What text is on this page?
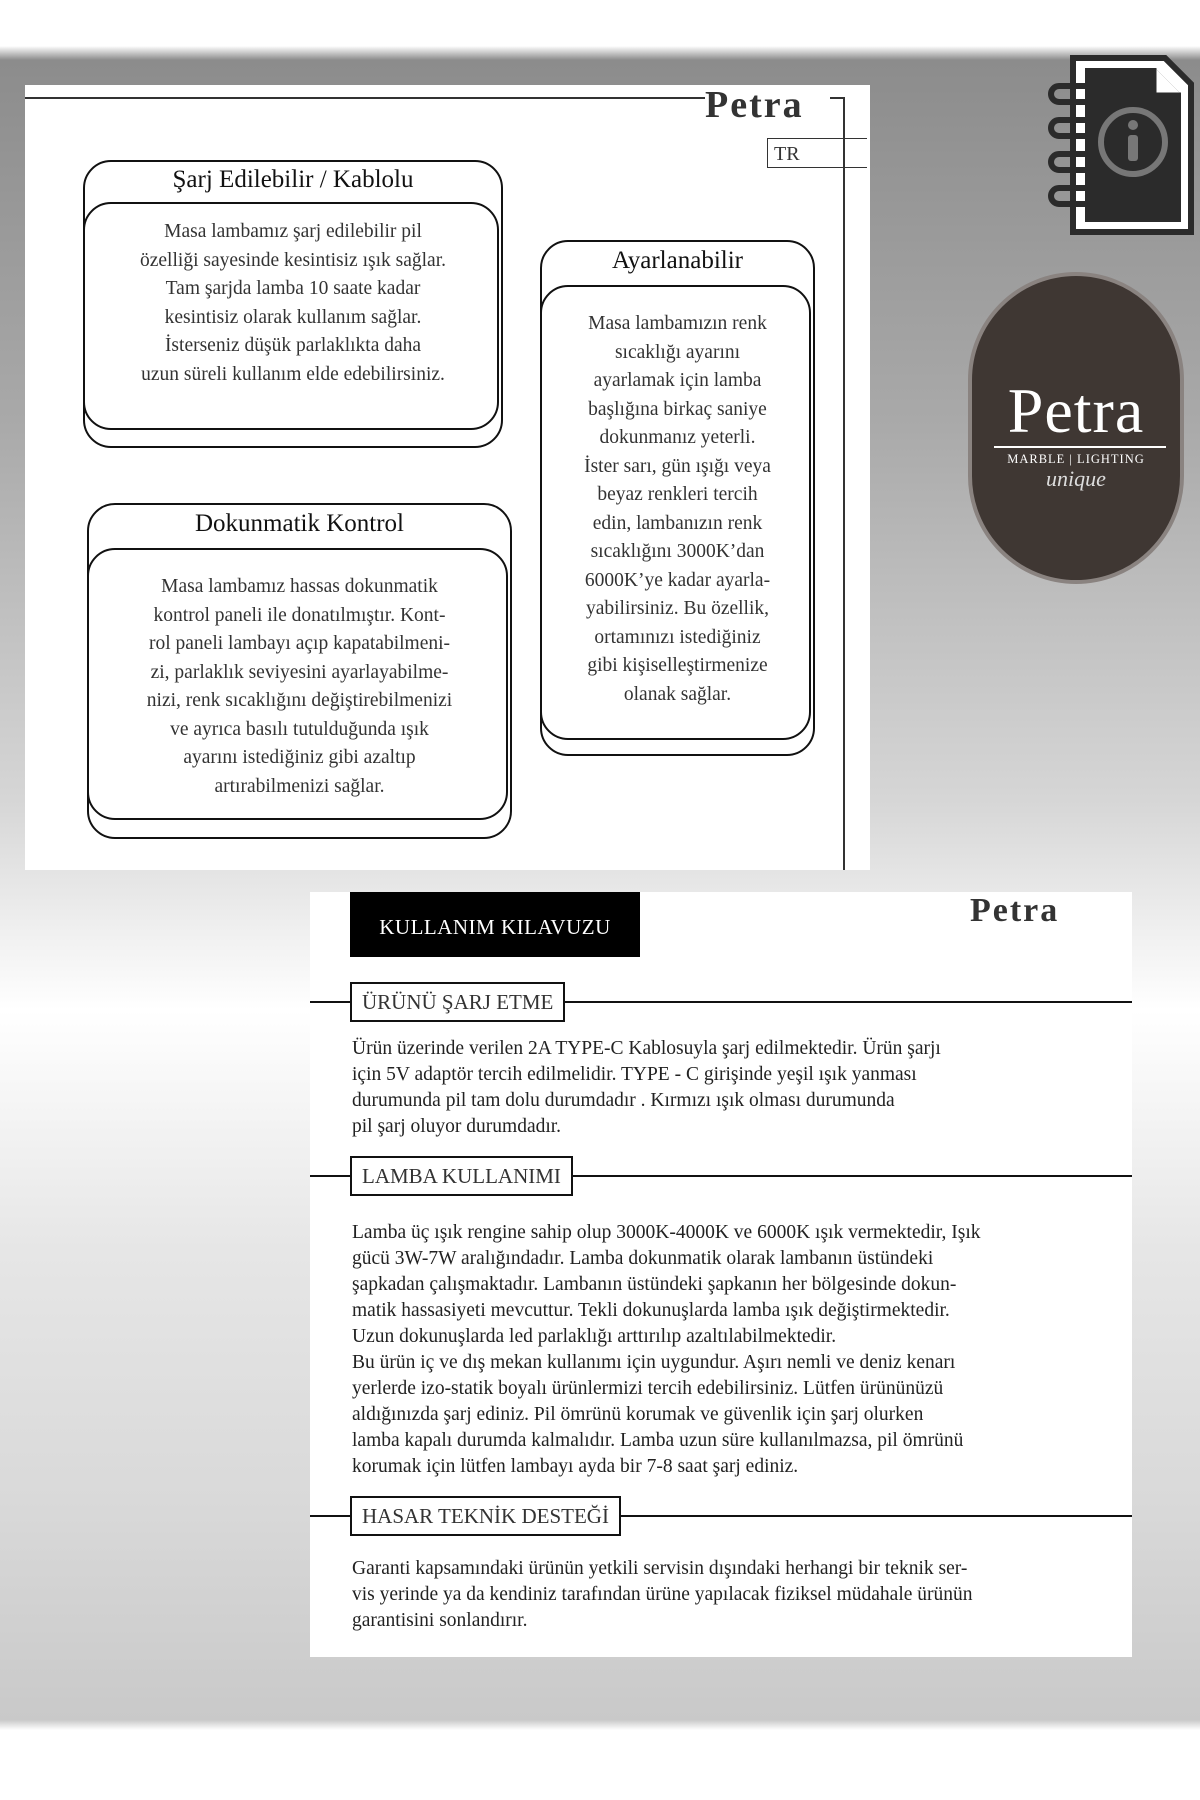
Petra
TR
Şarj Edilebilir / Kablolu
Masa lambamız şarj edilebilir pil
özelliği sayesinde kesintisiz ışık sağlar.
Tam şarjda lamba 10 saate kadar
kesintisiz olarak kullanım sağlar.
İsterseniz düşük parlaklıkta daha
uzun süreli kullanım elde edebilirsiniz.
Ayarlanabilir
Masa lambamızın renk
sıcaklığı ayarını
ayarlamak için lamba
başlığına birkaç saniye
dokunmanız yeterli.
İster sarı, gün ışığı veya
beyaz renkleri tercih
edin, lambanızın renk
sıcaklığını 3000K’dan
6000K’ye kadar ayarla-
yabilirsiniz. Bu özellik,
ortamınızı istediğiniz
gibi kişiselleştirmenize
olanak sağlar.
Dokunmatik Kontrol
Masa lambamız hassas dokunmatik
kontrol paneli ile donatılmıştır. Kont-
rol paneli lambayı açıp kapatabilmeni-
zi, parlaklık seviyesini ayarlayabilme-
nizi, renk sıcaklığını değiştirebilmenizi
ve ayrıca basılı tutulduğunda ışık
ayarını istediğiniz gibi azaltıp
artırabilmenizi sağlar.
Petra
MARBLE | LIGHTING
unique
KULLANIM KILAVUZU	Petra
ÜRÜNÜ ŞARJ ETME
Ürün üzerinde verilen 2A TYPE-C Kablosuyla şarj edilmektedir. Ürün şarjı
için 5V adaptör tercih edilmelidir. TYPE - C girişinde yeşil ışık yanması
durumunda pil tam dolu durumdadır . Kırmızı ışık olması durumunda
pil şarj oluyor durumdadır.
LAMBA KULLANIMI
Lamba üç ışık rengine sahip olup 3000K-4000K ve 6000K ışık vermektedir, Işık
gücü 3W-7W aralığındadır. Lamba dokunmatik olarak lambanın üstündeki
şapkadan çalışmaktadır. Lambanın üstündeki şapkanın her bölgesinde dokun-
matik hassasiyeti mevcuttur. Tekli dokunuşlarda lamba ışık değiştirmektedir.
Uzun dokunuşlarda led parlaklığı arttırılıp azaltılabilmektedir.
Bu ürün iç ve dış mekan kullanımı için uygundur. Aşırı nemli ve deniz kenarı
yerlerde izo-statik boyalı ürünlermizi tercih edebilirsiniz. Lütfen ürününüzü
aldığınızda şarj ediniz. Pil ömrünü korumak ve güvenlik için şarj olurken
lamba kapalı durumda kalmalıdır. Lamba uzun süre kullanılmazsa, pil ömrünü
korumak için lütfen lambayı ayda bir 7-8 saat şarj ediniz.
HASAR TEKNİK DESTEĞİ
Garanti kapsamındaki ürünün yetkili servisin dışındaki herhangi bir teknik ser-
vis yerinde ya da kendiniz tarafından ürüne yapılacak fiziksel müdahale ürünün
garantisini sonlandırır.
